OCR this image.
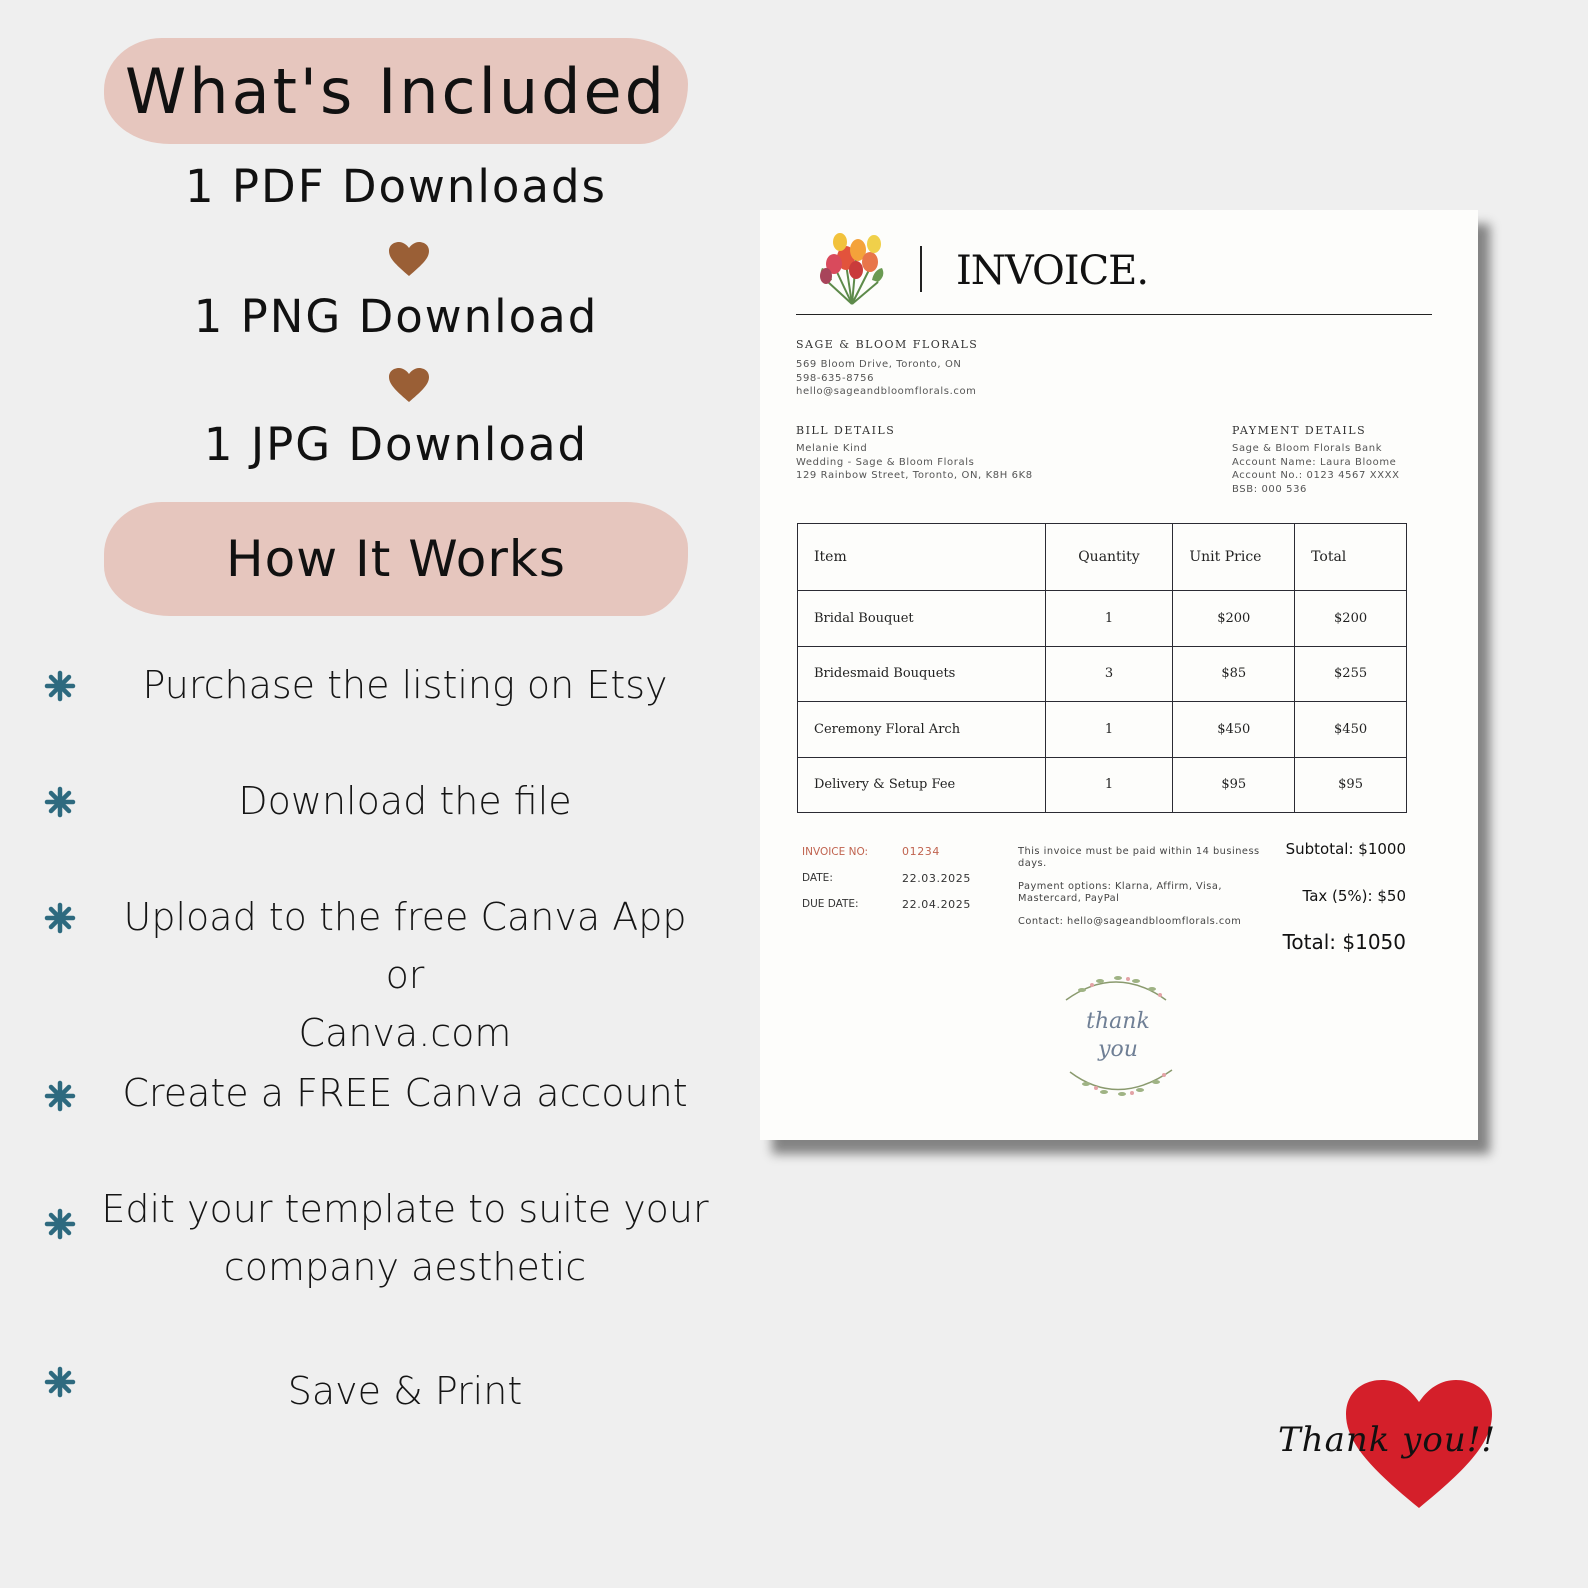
What's Included
1 PDF Downloads
1 PNG Download
1 JPG Download
How It Works
Purchase the listing on Etsy
Download the file
Upload to the free Canva App or
Canva.com
Create a FREE Canva account
Edit your template to suite your
company aesthetic
Save & Print
INVOICE.
SAGE & BLOOM FLORALS
569 Bloom Drive, Toronto, ON
598-635-8756
hello@sageandbloomflorals.com
BILL DETAILS
Melanie Kind
Wedding - Sage & Bloom Florals
129 Rainbow Street, Toronto, ON, K8H 6K8
PAYMENT DETAILS
Sage & Bloom Florals Bank
Account Name: Laura Bloome
Account No.: 0123 4567 XXXX
BSB: 000 536
Item	Quantity	Unit Price	Total
Bridal Bouquet	1	$200	$200
Bridesmaid Bouquets	3	$85	$255
Ceremony Floral Arch	1	$450	$450
Delivery & Setup Fee	1	$95	$95
INVOICE NO:	01234
DATE:	22.03.2025
DUE DATE:	22.04.2025
This invoice must be paid within 14 business days.
Payment options: Klarna, Affirm, Visa, Mastercard, PayPal
Contact: hello@sageandbloomflorals.com
Subtotal: $1000
Tax (5%): $50
Total: $1050
thank
you
Thank you!!
